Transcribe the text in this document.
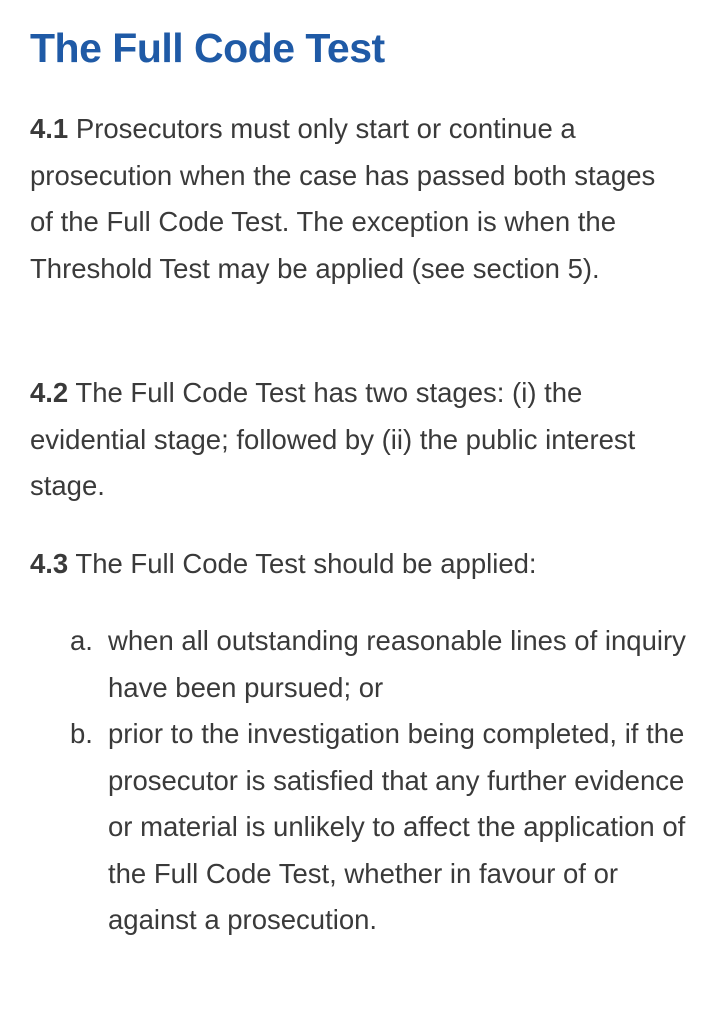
The Full Code Test

4.1 Prosecutors must only start or continue a prosecution when the case has passed both stages of the Full Code Test. The exception is when the Threshold Test may be applied (see section 5).

4.2 The Full Code Test has two stages: (i) the evidential stage; followed by (ii) the public interest stage.

4.3 The Full Code Test should be applied:

a. when all outstanding reasonable lines of inquiry have been pursued; or
b. prior to the investigation being completed, if the prosecutor is satisfied that any further evidence or material is unlikely to affect the application of the Full Code Test, whether in favour of or against a prosecution.
